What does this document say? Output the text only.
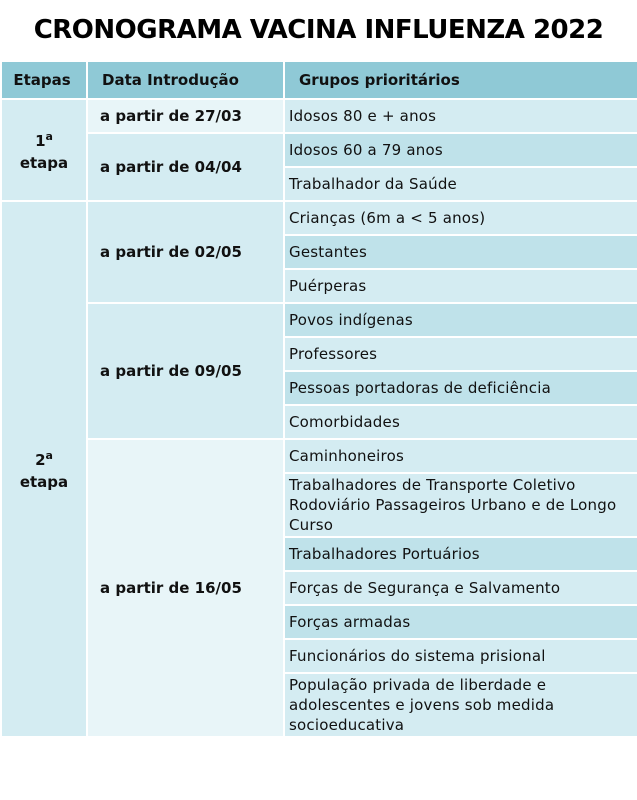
CRONOGRAMA VACINA INFLUENZA 2022
Etapas	Data Introdução	Grupos prioritários
1$^a$
etapa	a partir de 27/03	Idosos 80 e + anos
	a partir de 04/04	Idosos 60 a 79 anos
		Trabalhador da Saúde
2$^a$
etapa	a partir de 02/05	Crianças (6m a < 5 anos)
		Gestantes
		Puérperas
	a partir de 09/05	Povos indígenas
		Professores
		Pessoas portadoras de deficiência
		Comorbidades
	a partir de 16/05	Caminhoneiros
		Trabalhadores de Transporte Coletivo Rodoviário Passageiros Urbano e de Longo Curso
		Trabalhadores Portuários
		Forças de Segurança e Salvamento
		Forças armadas
		Funcionários do sistema prisional
		População privada de liberdade e adolescentes e jovens sob medida socioeducativa
